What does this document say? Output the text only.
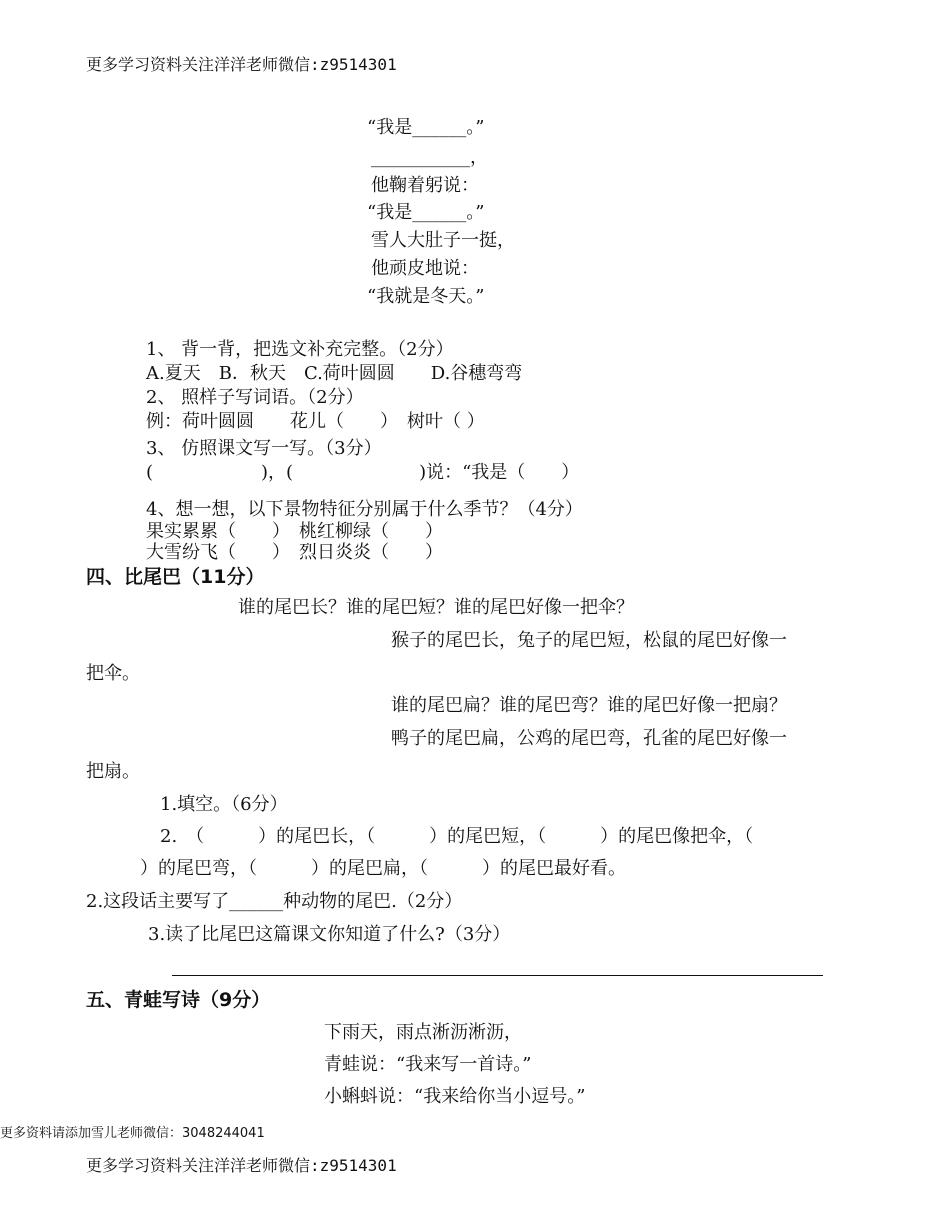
更多学习资料关注洋洋老师微信:z9514301
“我是______。”
___________，
他鞠着躬说：
“我是______。”
雪人大肚子一挺，
他顽皮地说：
“我就是冬天。”
1、 背一背，把选文补充完整。（2分）
A.夏天　B．秋天　C.荷叶圆圆　　D.谷穗弯弯
2、 照样子写词语。（2分）
例：荷叶圆圆　　花儿（　　）　树叶（ ）
3、 仿照课文写一写。（3分）
(　　　　　　)，(　　　　　　　)说：“我是（　　）
4、想一想，以下景物特征分别属于什么季节？（4分）
果实累累（　　）　桃红柳绿（　　）
大雪纷飞（　　）　烈日炎炎（　　）
四、比尾巴（11分）
谁的尾巴长？谁的尾巴短？谁的尾巴好像一把伞？
猴子的尾巴长，兔子的尾巴短，松鼠的尾巴好像一
把伞。
谁的尾巴扁？谁的尾巴弯？谁的尾巴好像一把扇？
鸭子的尾巴扁，公鸡的尾巴弯，孔雀的尾巴好像一
把扇。
1.填空。（6分）
2.　（　　　）的尾巴长，（　　　）的尾巴短，（　　　）的尾巴像把伞，（
）的尾巴弯，（　　　）的尾巴扁，（　　　）的尾巴最好看。
2.这段话主要写了______种动物的尾巴.（2分）
3.读了比尾巴这篇课文你知道了什么?（3分）
五、青蛙写诗（9分）
下雨天，雨点淅沥淅沥，
青蛙说：“我来写一首诗。”
小蝌蚪说：“我来给你当小逗号。”
更多资料请添加雪儿老师微信：3048244041
更多学习资料关注洋洋老师微信:z9514301
